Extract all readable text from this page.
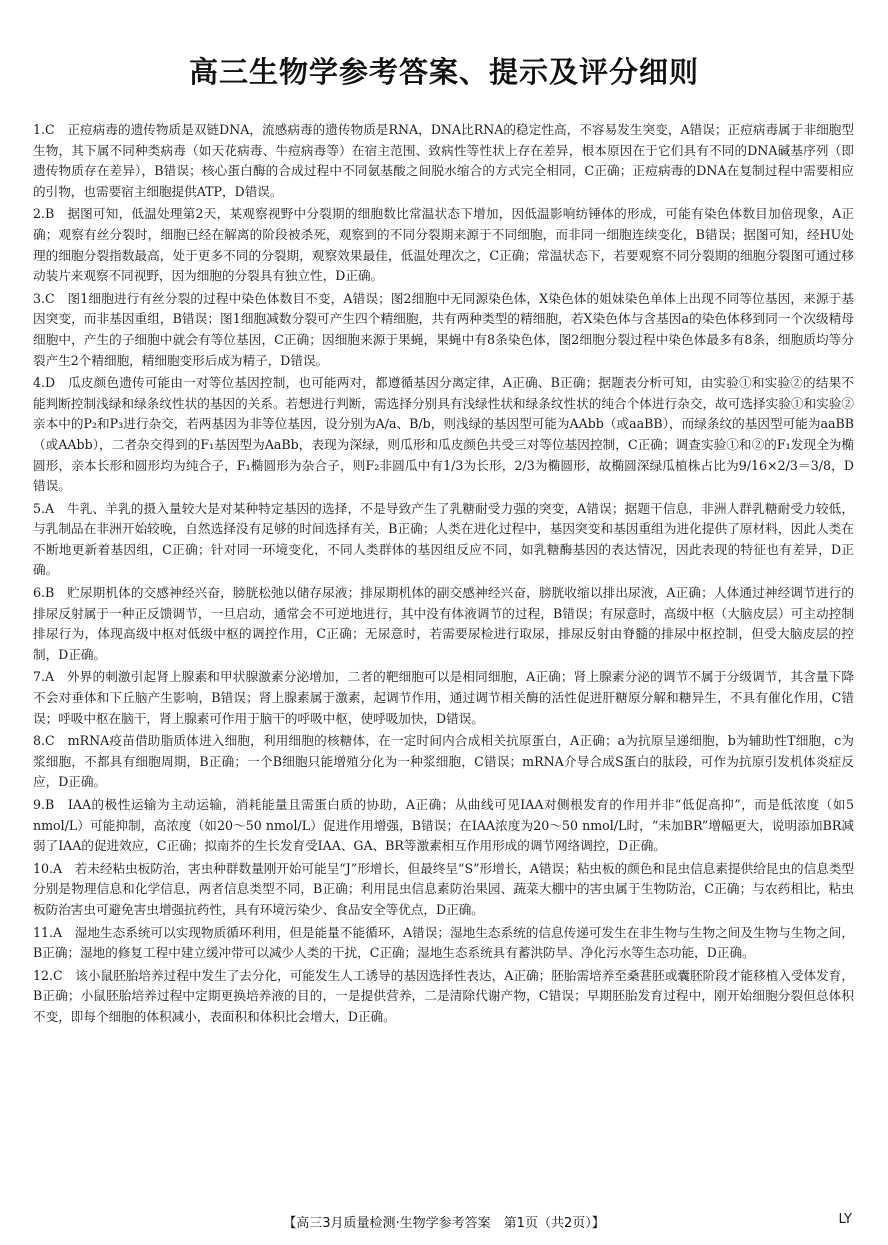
高三生物学参考答案、提示及评分细则

1.C　正痘病毒的遗传物质是双链DNA，流感病毒的遗传物质是RNA，DNA比RNA的稳定性高，不容易发生突变，A错误；正痘病毒属于非细胞型生物，其下属不同种类病毒（如天花病毒、牛痘病毒等）在宿主范围、致病性等性状上存在差异，根本原因在于它们具有不同的DNA碱基序列（即遗传物质存在差异），B错误；核心蛋白酶的合成过程中不同氨基酸之间脱水缩合的方式完全相同，C正确；正痘病毒的DNA在复制过程中需要相应的引物，也需要宿主细胞提供ATP，D错误。

2.B　据图可知，低温处理第2天，某观察视野中分裂期的细胞数比常温状态下增加，因低温影响纺锤体的形成，可能有染色体数目加倍现象，A正确；观察有丝分裂时，细胞已经在解离的阶段被杀死，观察到的不同分裂期来源于不同细胞，而非同一细胞连续变化，B错误；据图可知，经HU处理的细胞分裂指数最高，处于更多不同的分裂期，观察效果最佳，低温处理次之，C正确；常温状态下，若要观察不同分裂期的细胞分裂图可通过移动装片来观察不同视野，因为细胞的分裂具有独立性，D正确。

3.C　图1细胞进行有丝分裂的过程中染色体数目不变，A错误；图2细胞中无同源染色体，X染色体的姐妹染色单体上出现不同等位基因，来源于基因突变，而非基因重组，B错误；图1细胞减数分裂可产生四个精细胞，共有两种类型的精细胞，若X染色体与含基因a的染色体移到同一个次级精母细胞中，产生的子细胞中就会有等位基因，C正确；因细胞来源于果蝇，果蝇中有8条染色体，图2细胞分裂过程中染色体最多有8条，细胞质均等分裂产生2个精细胞，精细胞变形后成为精子，D错误。

4.D　瓜皮颜色遗传可能由一对等位基因控制，也可能两对，都遵循基因分离定律，A正确、B正确；据题表分析可知，由实验①和实验②的结果不能判断控制浅绿和绿条纹性状的基因的关系。若想进行判断，需选择分别具有浅绿性状和绿条纹性状的纯合个体进行杂交，故可选择实验①和实验②亲本中的P₂和P₃进行杂交，若两基因为非等位基因，设分别为A/a、B/b，则浅绿的基因型可能为AAbb（或aaBB），而绿条纹的基因型可能为aaBB（或AAbb），二者杂交得到的F₁基因型为AaBb，表现为深绿，则瓜形和瓜皮颜色共受三对等位基因控制，C正确；调查实验①和②的F₁发现全为椭圆形，亲本长形和圆形均为纯合子，F₁椭圆形为杂合子，则F₂非圆瓜中有1/3为长形，2/3为椭圆形，故椭圆深绿瓜植株占比为9/16×2/3＝3/8，D错误。

5.A　牛乳、羊乳的摄入量较大是对某种特定基因的选择，不是导致产生了乳糖耐受力强的突变，A错误；据题干信息，非洲人群乳糖耐受力较低，与乳制品在非洲开始较晚，自然选择没有足够的时间选择有关，B正确；人类在进化过程中，基因突变和基因重组为进化提供了原材料，因此人类在不断地更新着基因组，C正确；针对同一环境变化，不同人类群体的基因组反应不同，如乳糖酶基因的表达情况，因此表现的特征也有差异，D正确。

6.B　贮尿期机体的交感神经兴奋，膀胱松弛以储存尿液；排尿期机体的副交感神经兴奋，膀胱收缩以排出尿液，A正确；人体通过神经调节进行的排尿反射属于一种正反馈调节，一旦启动，通常会不可逆地进行，其中没有体液调节的过程，B错误；有尿意时，高级中枢（大脑皮层）可主动控制排尿行为，体现高级中枢对低级中枢的调控作用，C正确；无尿意时，若需要尿检进行取尿，排尿反射由脊髓的排尿中枢控制，但受大脑皮层的控制，D正确。

7.A　外界的刺激引起肾上腺素和甲状腺激素分泌增加，二者的靶细胞可以是相同细胞，A正确；肾上腺素分泌的调节不属于分级调节，其含量下降不会对垂体和下丘脑产生影响，B错误；肾上腺素属于激素，起调节作用，通过调节相关酶的活性促进肝糖原分解和糖异生，不具有催化作用，C错误；呼吸中枢在脑干，肾上腺素可作用于脑干的呼吸中枢，使呼吸加快，D错误。

8.C　mRNA疫苗借助脂质体进入细胞，利用细胞的核糖体，在一定时间内合成相关抗原蛋白，A正确；a为抗原呈递细胞，b为辅助性T细胞，c为浆细胞，不都具有细胞周期，B正确；一个B细胞只能增殖分化为一种浆细胞，C错误；mRNA介导合成S蛋白的肽段，可作为抗原引发机体炎症反应，D正确。

9.B　IAA的极性运输为主动运输，消耗能量且需蛋白质的协助，A正确；从曲线可见IAA对侧根发育的作用并非“低促高抑”，而是低浓度（如5 nmol/L）可能抑制，高浓度（如20～50 nmol/L）促进作用增强，B错误；在IAA浓度为20～50 nmol/L时，“未加BR”增幅更大，说明添加BR减弱了IAA的促进效应，C正确；拟南芥的生长发育受IAA、GA、BR等激素相互作用形成的调节网络调控，D正确。

10.A　若未经粘虫板防治，害虫种群数量刚开始可能呈“J”形增长，但最终呈“S”形增长，A错误；粘虫板的颜色和昆虫信息素提供给昆虫的信息类型分别是物理信息和化学信息，两者信息类型不同，B正确；利用昆虫信息素防治果园、蔬菜大棚中的害虫属于生物防治，C正确；与农药相比，粘虫板防治害虫可避免害虫增强抗药性，具有环境污染少、食品安全等优点，D正确。

11.A　湿地生态系统可以实现物质循环利用，但是能量不能循环，A错误；湿地生态系统的信息传递可发生在非生物与生物之间及生物与生物之间，B正确；湿地的修复工程中建立缓冲带可以减少人类的干扰，C正确；湿地生态系统具有蓄洪防旱、净化污水等生态功能，D正确。

12.C　该小鼠胚胎培养过程中发生了去分化，可能发生人工诱导的基因选择性表达，A正确；胚胎需培养至桑葚胚或囊胚阶段才能移植入受体发育，B正确；小鼠胚胎培养过程中定期更换培养液的目的，一是提供营养，二是清除代谢产物，C错误；早期胚胎发育过程中，刚开始细胞分裂但总体积不变，即每个细胞的体积减小，表面积和体积比会增大，D正确。

【高三3月质量检测·生物学参考答案　第1页（共2页）】	LY
